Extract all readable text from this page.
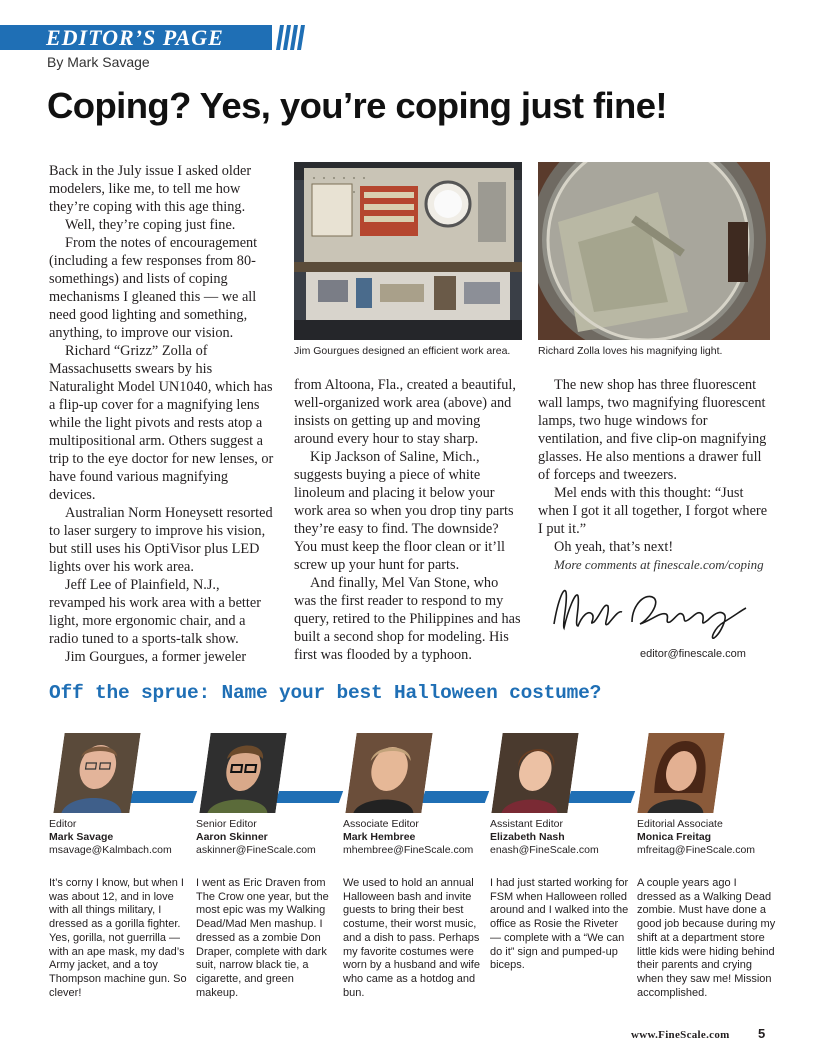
EDITOR’S PAGE
By Mark Savage
Coping? Yes, you’re coping just fine!

Back in the July issue I asked older modelers, like me, to tell me how they’re coping with this age thing.

Well, they’re coping just fine.

From the notes of encouragement (including a few responses from 80-somethings) and lists of coping mechanisms I gleaned this — we all need good lighting and something, anything, to improve our vision.

Richard “Grizz” Zolla of Massachusetts swears by his Naturalight Model UN1040, which has a flip-up cover for a magnifying lens while the light pivots and rests atop a multipositional arm. Others suggest a trip to the eye doctor for new lenses, or have found various magnifying devices.

Australian Norm Honeysett resorted to laser surgery to improve his vision, but still uses his OptiVisor plus LED lights over his work area.

Jeff Lee of Plainfield, N.J., revamped his work area with a better light, more ergonomic chair, and a radio tuned to a sports-talk show.

Jim Gourgues, a former jeweler

Jim Gourgues designed an efficient work area.	Richard Zolla loves his magnifying light.

from Altoona, Fla., created a beautiful, well-organized work area (above) and insists on getting up and moving around every hour to stay sharp.

Kip Jackson of Saline, Mich., suggests buying a piece of white linoleum and placing it below your work area so when you drop tiny parts they’re easy to find. The downside? You must keep the floor clean or it’ll screw up your hunt for parts.

And finally, Mel Van Stone, who was the first reader to respond to my query, retired to the Philippines and has built a second shop for modeling. His first was flooded by a typhoon.

The new shop has three fluorescent wall lamps, two magnifying fluorescent lamps, two huge windows for ventilation, and five clip-on magnifying glasses. He also mentions a drawer full of forceps and tweezers.

Mel ends with this thought: “Just when I got it all together, I forgot where I put it.”

Oh yeah, that’s next!

More comments at finescale.com/coping

editor@finescale.com
Off the sprue: Name your best Halloween costume?
Editor
Mark Savage
msavage@Kalmbach.com
It’s corny I know, but when I was about 12, and in love with all things military, I dressed as a gorilla fighter. Yes, gorilla, not guerrilla — with an ape mask, my dad’s Army jacket, and a toy Thompson machine gun. So clever!
Senior Editor
Aaron Skinner
askinner@FineScale.com
I went as Eric Draven from The Crow one year, but the most epic was my Walking Dead/Mad Men mashup. I dressed as a zombie Don Draper, complete with dark suit, narrow black tie, a cigarette, and green makeup.
Associate Editor
Mark Hembree
mhembree@FineScale.com
We used to hold an annual Halloween bash and invite guests to bring their best costume, their worst music, and a dish to pass. Perhaps my favorite costumes were worn by a husband and wife who came as a hotdog and bun.
Assistant Editor
Elizabeth Nash
enash@FineScale.com
I had just started working for FSM when Halloween rolled around and I walked into the office as Rosie the Riveter — complete with a “We can do it” sign and pumped-up biceps.
Editorial Associate
Monica Freitag
mfreitag@FineScale.com
A couple years ago I dressed as a Walking Dead zombie. Must have done a good job because during my shift at a department store little kids were hiding behind their parents and crying when they saw me! Mission accomplished.
www.FineScale.com 5
